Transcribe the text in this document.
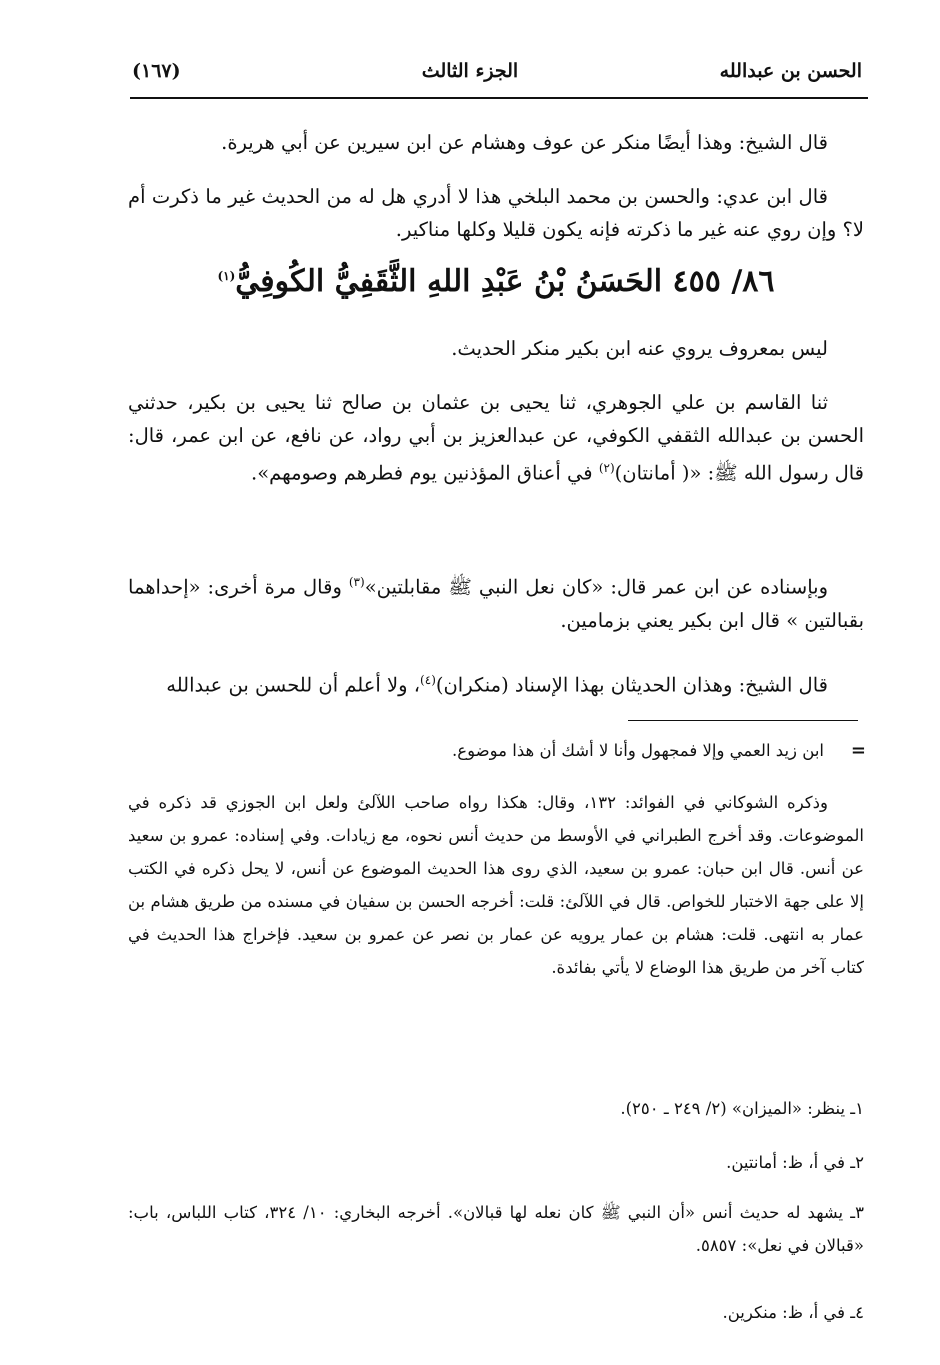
الحسن بن عبدالله
الجزء الثالث
(١٦٧)

قال الشيخ: وهذا أيضًا منكر عن عوف وهشام عن ابن سيرين عن أبي هريرة.

قال ابن عدي: والحسن بن محمد البلخي هذا لا أدري هل له من الحديث غير ما ذكرت أم لا؟ وإن روي عنه غير ما ذكرته فإنه يكون قليلا وكلها مناكير.

٨٦/ ٤٥٥ الحَسَنُ بْنُ عَبْدِ اللهِ الثَّقَفِيُّ الكُوفِيُّ$^{(١)}$

ليس بمعروف يروي عنه ابن بكير منكر الحديث.

ثنا القاسم بن علي الجوهري، ثنا يحيى بن عثمان بن صالح ثنا يحيى بن بكير، حدثني الحسن بن عبدالله الثقفي الكوفي، عن عبدالعزيز بن أبي رواد، عن نافع، عن ابن عمر، قال: قال رسول الله ﷺ: «( أمانتان)$^{(٢)}$ في أعناق المؤذنين يوم فطرهم وصومهم».

وبإسناده عن ابن عمر قال: «كان نعل النبي ﷺ مقابلتين»$^{(٣)}$ وقال مرة أخرى: «إحداهما بقبالتين » قال ابن بكير يعني بزمامين.

قال الشيخ: وهذان الحديثان بهذا الإسناد (منكران)$^{(٤)}$، ولا أعلم أن للحسن بن عبدالله

=

ابن زيد العمي وإلا فمجهول وأنا لا أشك أن هذا موضوع.

وذكره الشوكاني في الفوائد: ١٣٢، وقال: هكذا رواه صاحب اللآلئ ولعل ابن الجوزي قد ذكره في الموضوعات. وقد أخرج الطبراني في الأوسط من حديث أنس نحوه، مع زيادات. وفي إسناده: عمرو بن سعيد عن أنس. قال ابن حبان: عمرو بن سعيد، الذي روى هذا الحديث الموضوع عن أنس، لا يحل ذكره في الكتب إلا على جهة الاختبار للخواص. قال في اللآلئ: قلت: أخرجه الحسن بن سفيان في مسنده من طريق هشام بن عمار به انتهى. قلت: هشام بن عمار يرويه عن عمار بن نصر عن عمرو بن سعيد. فإخراج هذا الحديث في كتاب آخر من طريق هذا الوضاع لا يأتي بفائدة.

١ـ ينظر: «الميزان» (٢/ ٢٤٩ ـ ٢٥٠).

٢ـ في أ، ظ: أمانتين.

٣ـ يشهد له حديث أنس «أن النبي ﷺ كان نعله لها قبالان». أخرجه البخاري: ١٠/ ٣٢٤، كتاب اللباس، باب: «قبالان في نعل»: ٥٨٥٧.

٤ـ في أ، ظ: منكرين.
